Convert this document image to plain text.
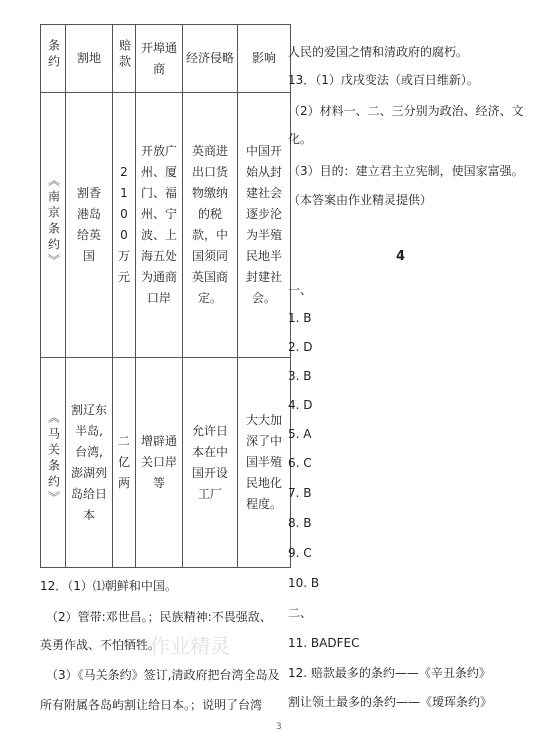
条约	割地	赔款	开埠通商	经济侵略	影响
《南京条约》	割香港岛给英国	2100万元	开放广州、厦门、福州、宁波、上海五处为通商口岸	英商进出口货物缴纳的税款，中国须同英国商定。	中国开始从封建社会逐步沦为半殖民地半封建社会。
《马关条约》	割辽东半岛,台湾,澎湖列岛给日本	二亿两	增辟通关口岸等	允许日本在中国开设工厂	大大加深了中国半殖民地化程度。
12．（1）⑴朝鲜和中国。
（2）管带:邓世昌。；民族精神:不畏强敌、
英勇作战、不怕牺牲。
（3）《马关条约》签订,清政府把台湾全岛及
所有附属各岛屿割让给日本。；说明了台湾
人民的爱国之情和清政府的腐朽。
13．（1）戊戌变法（或百日维新）。
（2）材料一、二、三分别为政治、经济、文
化。
（3）目的：建立君主立宪制，使国家富强。
（本答案由作业精灵提供）
4
一、
1. B
2. D
3. B
4. D
5. A
6. C
7. B
8. B
9. C
10. B
二、
11. BADFEC
12. 赔款最多的条约——《辛丑条约》
割让领土最多的条约——《瑷珲条约》
3
作业精灵
